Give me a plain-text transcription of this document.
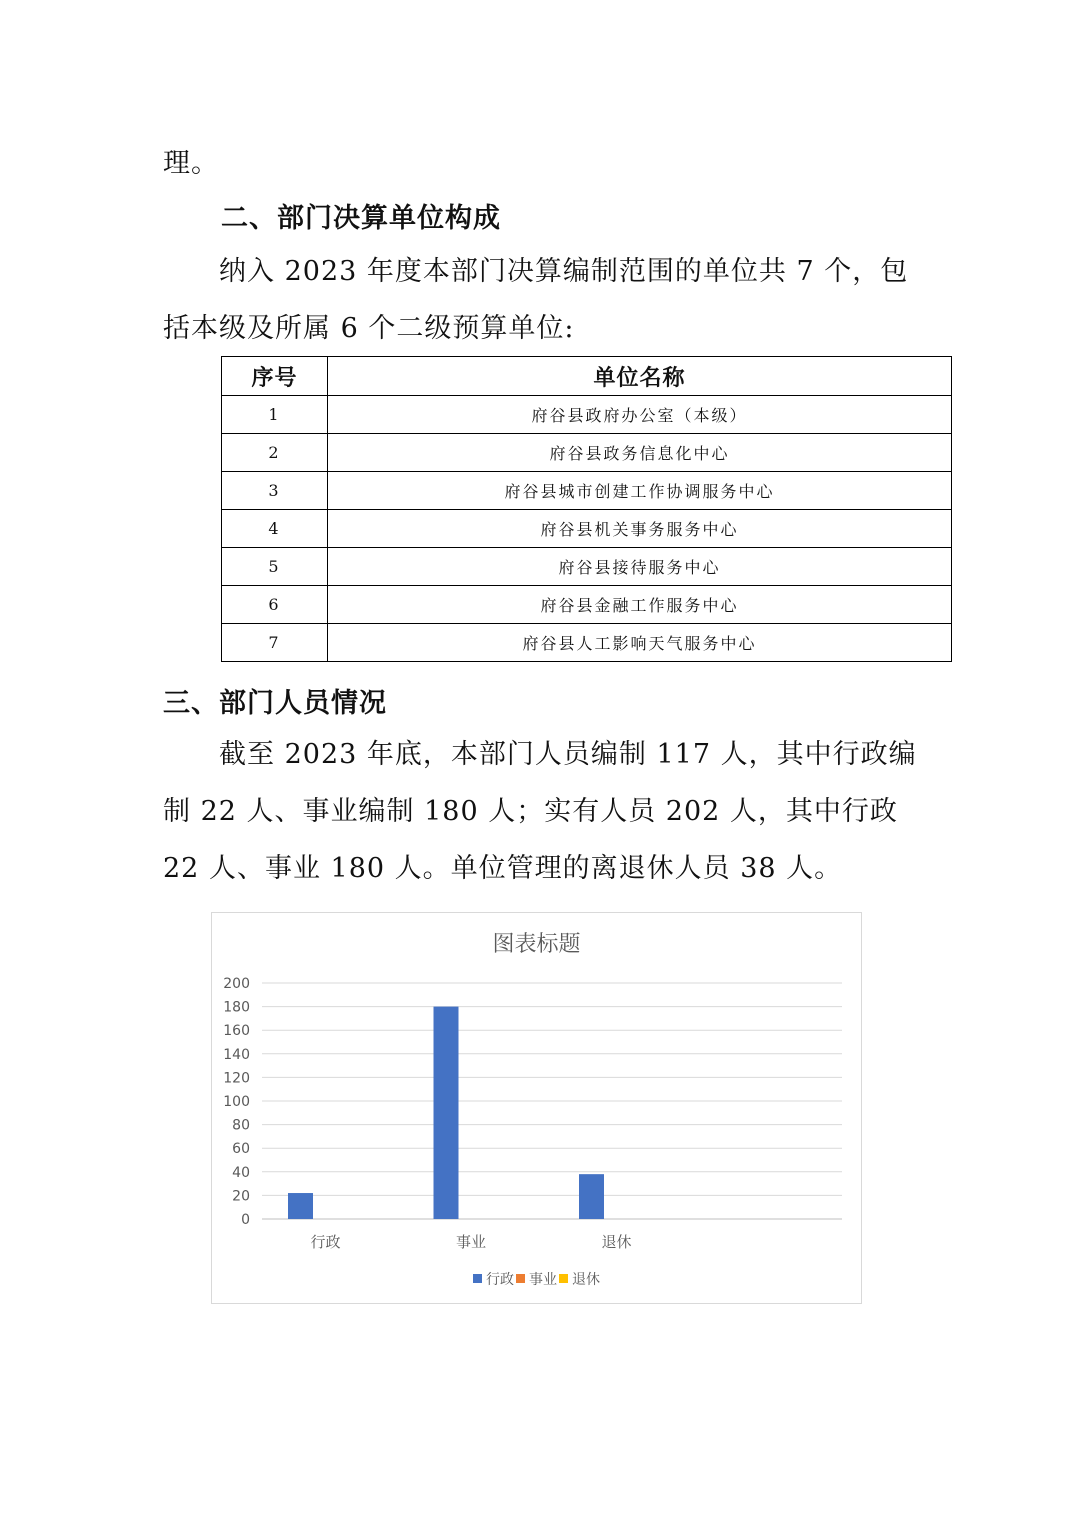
理。

二、部门决算单位构成

　　纳入 2023 年度本部门决算编制范围的单位共 7 个，包括本级及所属 6 个二级预算单位:

序号	单位名称
1	府谷县政府办公室（本级）
2	府谷县政务信息化中心
3	府谷县城市创建工作协调服务中心
4	府谷县机关事务服务中心
5	府谷县接待服务中心
6	府谷县金融工作服务中心
7	府谷县人工影响天气服务中心

三、部门人员情况

　　截至 2023 年底，本部门人员编制 117 人，其中行政编制 22 人、事业编制 180 人；实有人员 202 人，其中行政 22 人、事业 180 人。单位管理的离退休人员 38 人。

图表标题
0
20
40
60
80
100
120
140
160
180
200
行政	事业	退休
行政 事业 退休
